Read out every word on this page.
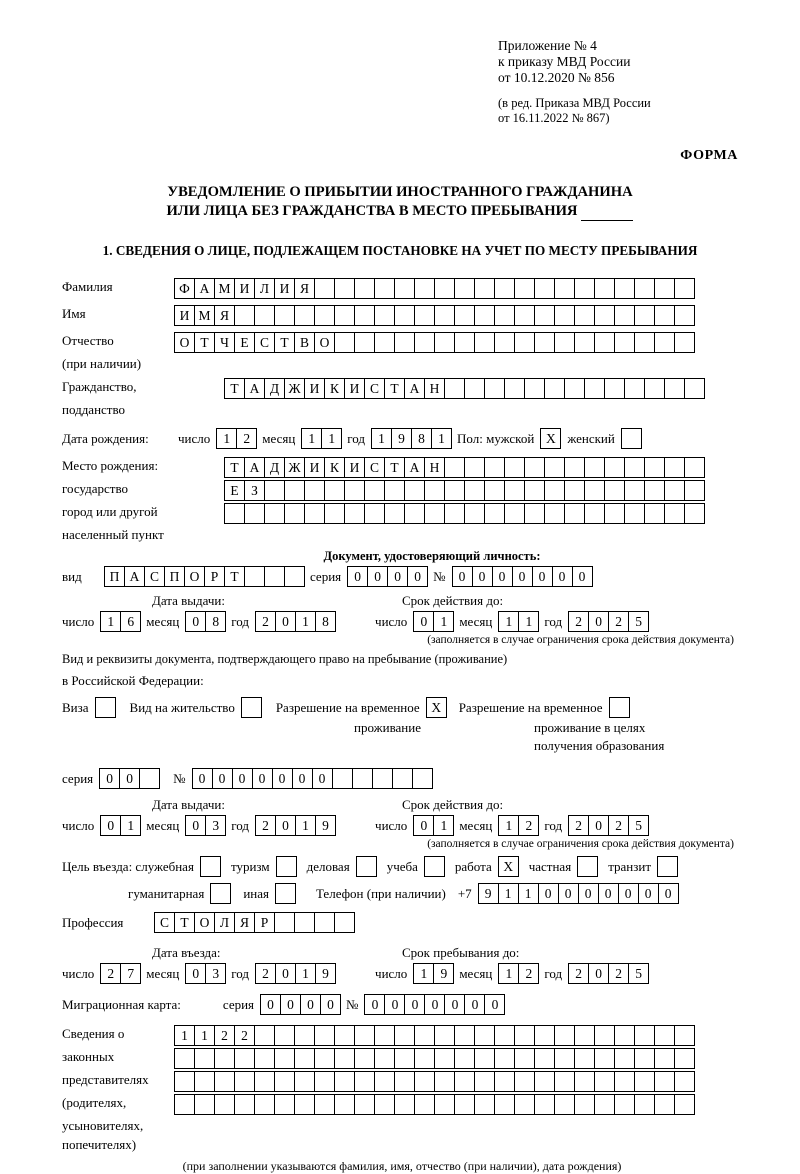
Приложение № 4
к приказу МВД России
от 10.12.2020 № 856
(в ред. Приказа МВД России
от 16.11.2022 № 867)
ФОРМА
УВЕДОМЛЕНИЕ О ПРИБЫТИИ ИНОСТРАННОГО ГРАЖДАНИНА
ИЛИ ЛИЦА БЕЗ ГРАЖДАНСТВА В МЕСТО ПРЕБЫВАНИЯ
1. СВЕДЕНИЯ О ЛИЦЕ, ПОДЛЕЖАЩЕМ ПОСТАНОВКЕ НА УЧЕТ ПО МЕСТУ ПРЕБЫВАНИЯ
Фамилия	Ф А М И Л И Я
Имя	И М Я
Отчество	О Т Ч Е С Т В О
(при наличии)
Гражданство,	Т А Д Ж И К И С Т А Н
подданство
Дата рождения:	число 1 2 месяц 1 1 год 1 9 8 1 Пол: мужской X женский
Место рождения:	Т А Д Ж И К И С Т А Н
государство	Е З
город или другой
населенный пункт
Документ, удостоверяющий личность:
вид	П А С П О Р Т	серия 0 0 0 0 № 0 0 0 0 0 0 0
Дата выдачи:	Срок действия до:
число 1 6 месяц 0 8 год 2 0 1 8	число 0 1 месяц 1 1 год 2 0 2 5
(заполняется в случае ограничения срока действия документа)
Вид и реквизиты документа, подтверждающего право на пребывание (проживание)
в Российской Федерации:
Виза	Вид на жительство	Разрешение на временное X	Разрешение на временное
проживание	проживание в целях
получения образования
серия 0 0	№ 0 0 0 0 0 0 0
Дата выдачи:	Срок действия до:
число 0 1 месяц 0 3 год 2 0 1 9	число 0 1 месяц 1 2 год 2 0 2 5
(заполняется в случае ограничения срока действия документа)
Цель въезда: служебная	туризм	деловая	учеба	работа X	частная	транзит
гуманитарная	иная	Телефон (при наличии) +7 9 1 1 0 0 0 0 0 0 0
Профессия	С Т О Л Я Р
Дата въезда:	Срок пребывания до:
число 2 7 месяц 0 3 год 2 0 1 9	число 1 9 месяц 1 2 год 2 0 2 5
Миграционная карта:	серия 0 0 0 0 № 0 0 0 0 0 0 0
Сведения о	1 1 2 2
законных
представителях
(родителях,
усыновителях,
попечителях)
(при заполнении указываются фамилия, имя, отчество (при наличии), дата рождения)
